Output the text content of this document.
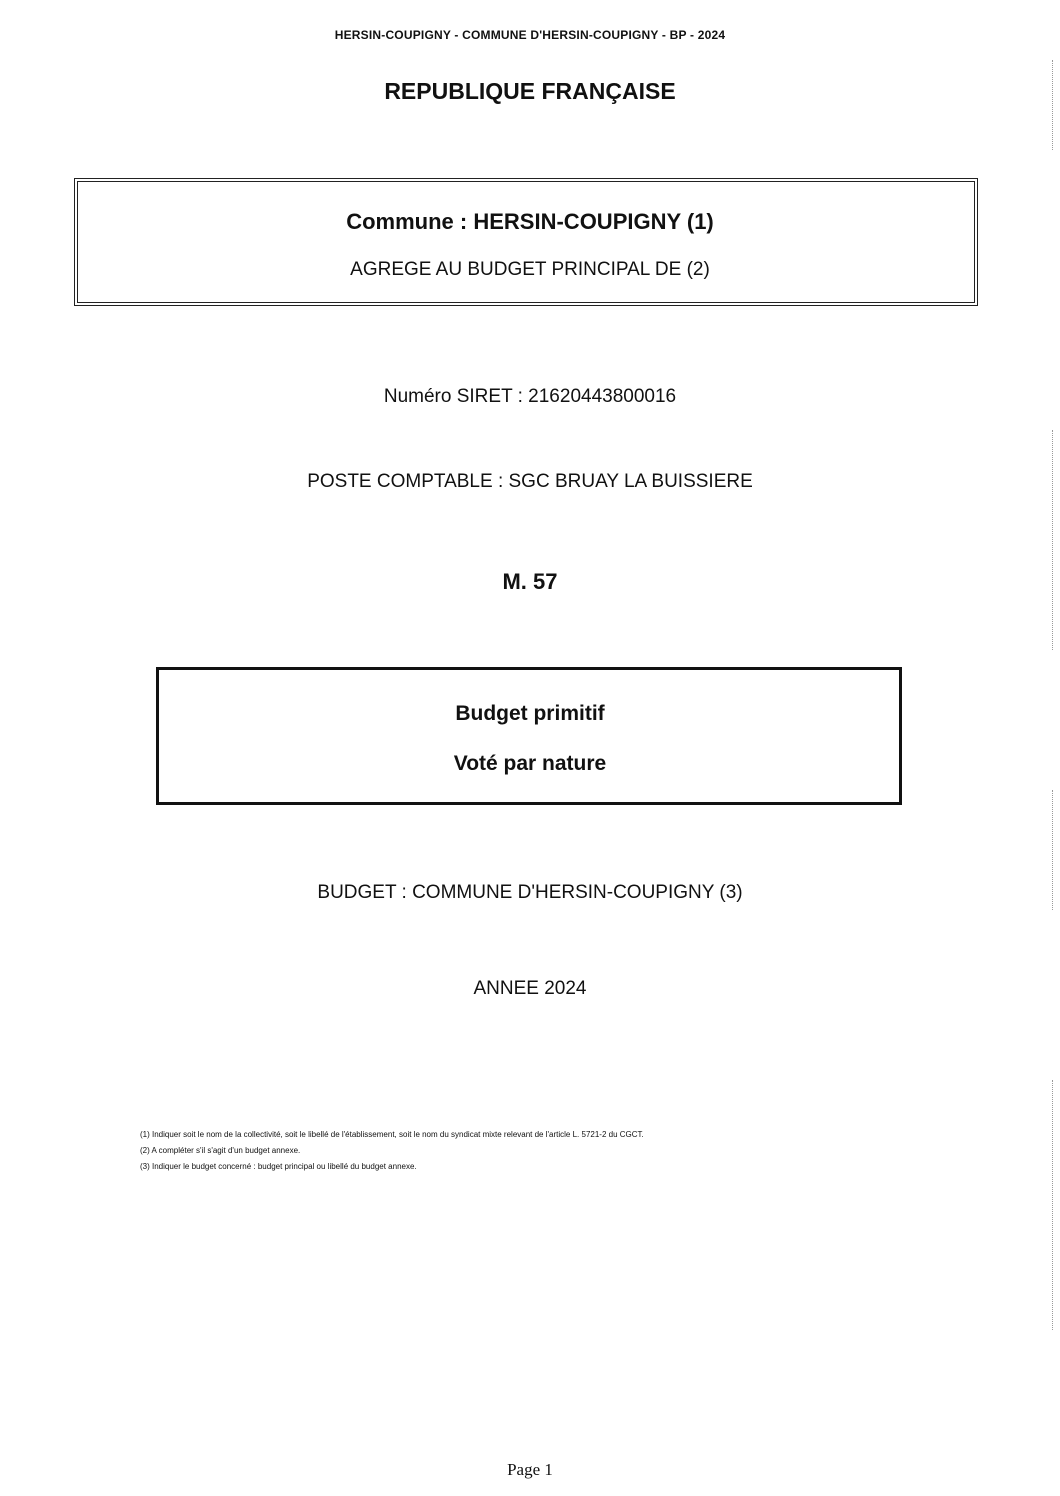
HERSIN-COUPIGNY - COMMUNE D'HERSIN-COUPIGNY - BP - 2024
REPUBLIQUE FRANÇAISE
Commune : HERSIN-COUPIGNY (1)
AGREGE AU BUDGET PRINCIPAL DE (2)
Numéro SIRET : 21620443800016
POSTE COMPTABLE : SGC BRUAY LA BUISSIERE
M. 57
Budget primitif
Voté par nature
BUDGET : COMMUNE D'HERSIN-COUPIGNY (3)
ANNEE 2024
(1) Indiquer soit le nom de la collectivité, soit le libellé de l'établissement, soit le nom du syndicat mixte relevant de l'article L. 5721-2 du CGCT.
(2) A compléter s'il s'agit d'un budget annexe.
(3) Indiquer le budget concerné : budget principal ou libellé du budget annexe.
Page 1
